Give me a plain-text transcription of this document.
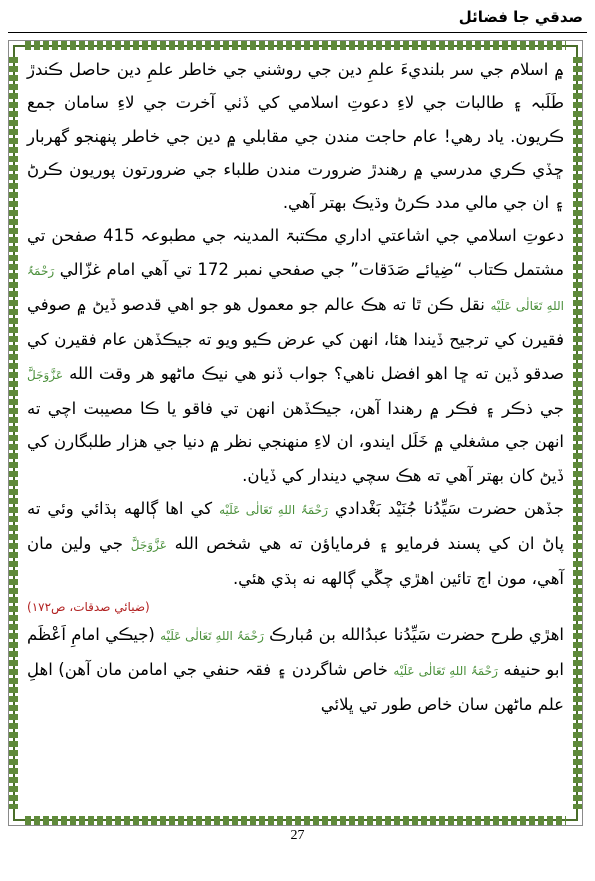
صدقي جا فضائل

۾ اسلام جي سر بلنديءَ علمِ دين جي روشني جي خاطر علمِ دين حاصل ڪندڙ طَلَبہ ۽ طالبات جي لاءِ دعوتِ اسلامي کي ڏٺي آخرت جي لاءِ سامان جمع ڪريون. ياد رهي! عام حاجت مندن جي مقابلي ۾ دين جي خاطر پنهنجو گهربار ڇڏي ڪري مدرسي ۾ رهندڙ ضرورت مندن طلباء جي ضرورتون پوريون ڪرڻ ۽ ان جي مالي مدد ڪرڻ وڌيڪ بهتر آهي.

دعوتِ اسلامي جي اشاعتي اداري مڪتبۃ المدينہ جي مطبوعہ 415 صفحن تي مشتمل ڪتاب “ضِيائے صَدَقات” جي صفحي نمبر 172 تي آهي امام غزّالي رَحْمَۃُ اللهِ تَعَالٰی عَلَیْه نقل ڪن ٿا ته هڪ عالم جو معمول هو جو اهي قدصو ڏيڻ ۾ صوفي فقيرن کي ترجيح ڏيندا هئا، انهن کي عرض ڪيو ويو ته جيڪڏهن عام فقيرن کي صدقو ڏين ته ڇا اهو افضل ناهي؟ جواب ڏنو هي نيڪ ماڻهو هر وقت الله عَزَّوَجَلَّ جي ذڪر ۽ فڪر ۾ رهندا آهن، جيڪڏهن انهن تي فاقو يا ڪا مصيبت اچي ته انهن جي مشغلي ۾ خَلَل ايندو، ان لاءِ منهنجي نظر ۾ دنيا جي هزار طلبگارن کي ڏيڻ کان بهتر آهي ته هڪ سچي ديندار کي ڏيان.

جڏهن حضرت سَيِّدُنا جُنَيْد بَغْدادي رَحْمَۃُ اللهِ تَعَالٰی عَلَیْه کي اها ڳالهه ٻڌائي وئي ته پاڻ ان کي پسند فرمايو ۽ فرماياؤن ته هي شخص الله عَزَّوَجَلَّ جي ولين مان آهي، مون اڄ تائين اهڙي چڱي ڳالهه نه ٻڌي هئي.

(ضيائي صدقات، ص۱۷۲)

اهڙي طرح حضرت سَيِّدُنا عبدُالله بن مُبارڪ رَحْمَۃُ اللهِ تَعَالٰی عَلَیْه (جيڪي امامِ اَعْظَم ابو حنيفه رَحْمَۃُ اللهِ تَعَالٰی عَلَیْه خاص شاگردن ۽ فقہ حنفي جي امامن مان آهن) اهلِ علم ماڻهن سان خاص طور تي ڀلائي

27
